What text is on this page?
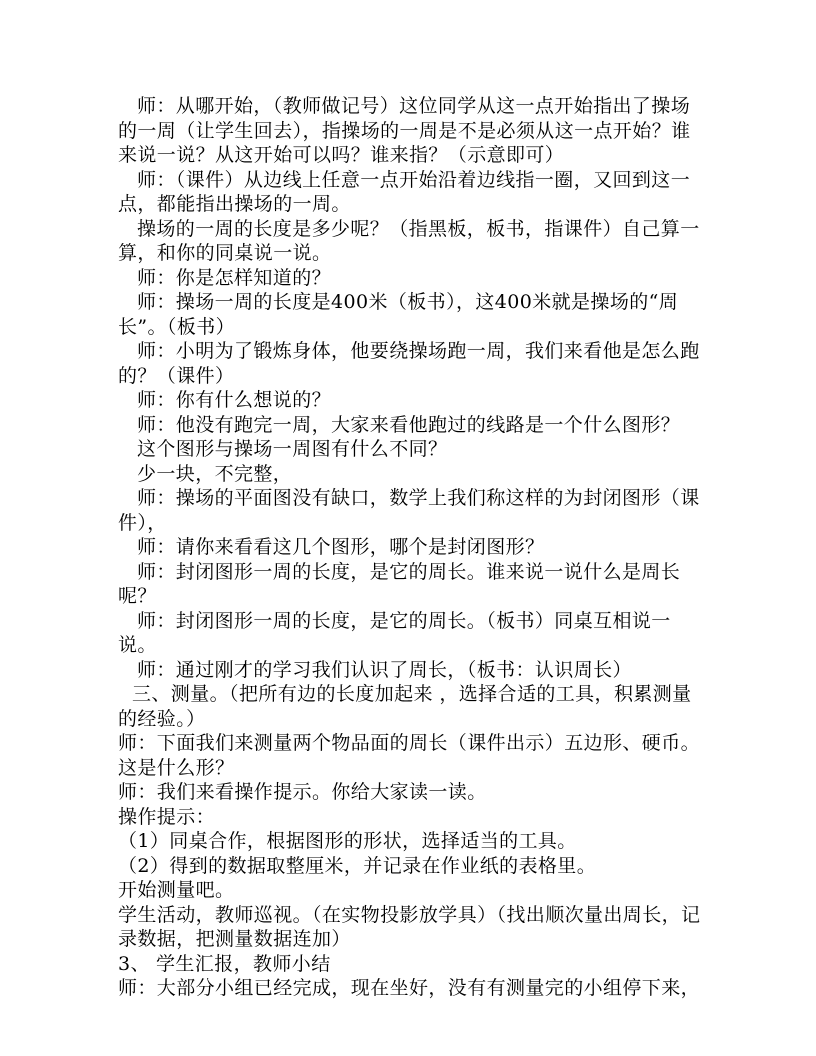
师：从哪开始，（教师做记号）这位同学从这一点开始指出了操场的一周（让学生回去），指操场的一周是不是必须从这一点开始？谁来说一说？从这开始可以吗？谁来指？（示意即可）

师：（课件）从边线上任意一点开始沿着边线指一圈，又回到这一点，都能指出操场的一周。

操场的一周的长度是多少呢？（指黑板，板书，指课件）自己算一算，和你的同桌说一说。

师：你是怎样知道的？

师：操场一周的长度是400米（板书），这400米就是操场的“周长”。（板书）

师：小明为了锻炼身体，他要绕操场跑一周，我们来看他是怎么跑的？（课件）

师：你有什么想说的？

师：他没有跑完一周，大家来看他跑过的线路是一个什么图形？

这个图形与操场一周图有什么不同？

少一块，不完整，

师：操场的平面图没有缺口，数学上我们称这样的为封闭图形（课件），

师：请你来看看这几个图形，哪个是封闭图形？

师：封闭图形一周的长度，是它的周长。谁来说一说什么是周长呢？

师：封闭图形一周的长度，是它的周长。（板书）同桌互相说一说。

师：通过刚才的学习我们认识了周长，（板书：认识周长）

三、测量。（把所有边的长度加起来 ，选择合适的工具，积累测量的经验。）

师：下面我们来测量两个物品面的周长（课件出示）五边形、硬币。这是什么形？

师：我们来看操作提示。你给大家读一读。

操作提示：

（1）同桌合作，根据图形的形状，选择适当的工具。

（2）得到的数据取整厘米，并记录在作业纸的表格里。

开始测量吧。

学生活动，教师巡视。（在实物投影放学具）（找出顺次量出周长，记录数据，把测量数据连加）

3、 学生汇报，教师小结

师：大部分小组已经完成，现在坐好，没有有测量完的小组停下来，
